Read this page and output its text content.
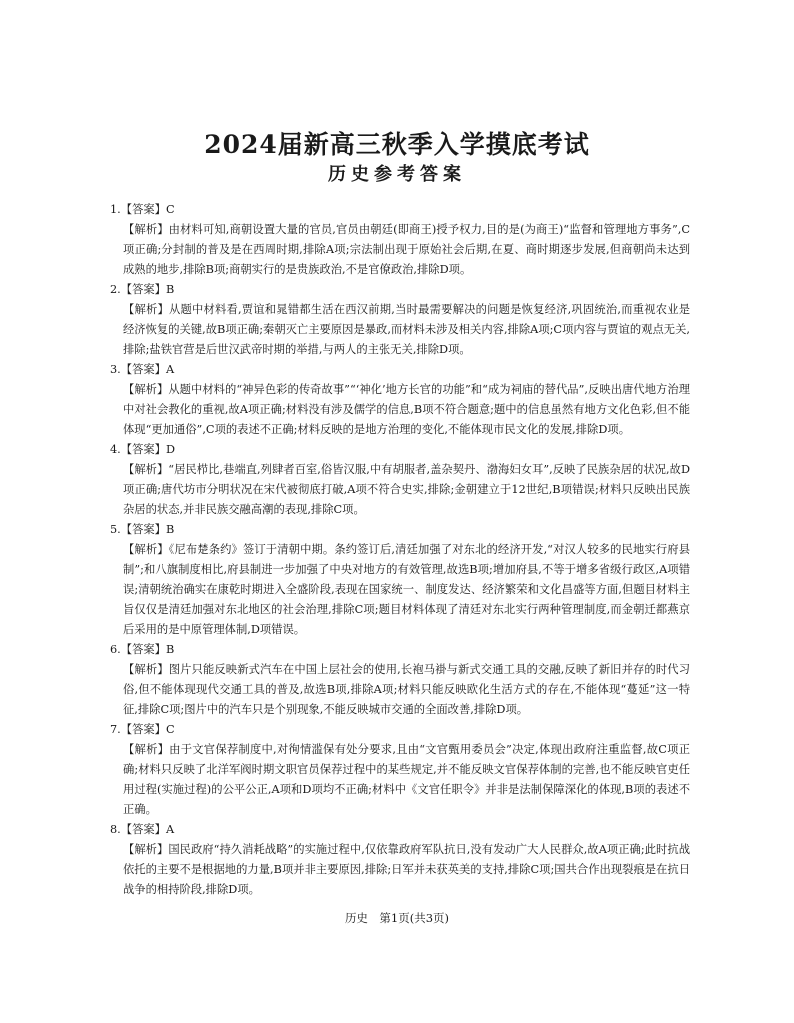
2024届新高三秋季入学摸底考试
历史参考答案
1.【答案】C
【解析】由材料可知,商朝设置大量的官员,官员由朝廷(即商王)授予权力,目的是(为商王)“监督和管理地方事务”,C项正确;分封制的普及是在西周时期,排除A项;宗法制出现于原始社会后期,在夏、商时期逐步发展,但商朝尚未达到成熟的地步,排除B项;商朝实行的是贵族政治,不是官僚政治,排除D项。
2.【答案】B
【解析】从题中材料看,贾谊和晁错都生活在西汉前期,当时最需要解决的问题是恢复经济,巩固统治,而重视农业是经济恢复的关键,故B项正确;秦朝灭亡主要原因是暴政,而材料未涉及相关内容,排除A项;C项内容与贾谊的观点无关,排除;盐铁官营是后世汉武帝时期的举措,与两人的主张无关,排除D项。
3.【答案】A
【解析】从题中材料的“神异色彩的传奇故事”“‘神化’地方长官的功能”和“成为祠庙的替代品”,反映出唐代地方治理中对社会教化的重视,故A项正确;材料没有涉及儒学的信息,B项不符合题意;题中的信息虽然有地方文化色彩,但不能体现“更加通俗”,C项的表述不正确;材料反映的是地方治理的变化,不能体现市民文化的发展,排除D项。
4.【答案】D
【解析】“居民栉比,巷端直,列肆者百室,俗皆汉服,中有胡服者,盖杂契丹、渤海妇女耳”,反映了民族杂居的状况,故D项正确;唐代坊市分明状况在宋代被彻底打破,A项不符合史实,排除;金朝建立于12世纪,B项错误;材料只反映出民族杂居的状态,并非民族交融高潮的表现,排除C项。
5.【答案】B
【解析】《尼布楚条约》签订于清朝中期。条约签订后,清廷加强了对东北的经济开发,“对汉人较多的民地实行府县制”;和八旗制度相比,府县制进一步加强了中央对地方的有效管理,故选B项;增加府县,不等于增多省级行政区,A项错误;清朝统治确实在康乾时期进入全盛阶段,表现在国家统一、制度发达、经济繁荣和文化昌盛等方面,但题目材料主旨仅仅是清廷加强对东北地区的社会治理,排除C项;题目材料体现了清廷对东北实行两种管理制度,而金朝迁都燕京后采用的是中原管理体制,D项错误。
6.【答案】B
【解析】图片只能反映新式汽车在中国上层社会的使用,长袍马褂与新式交通工具的交融,反映了新旧并存的时代习俗,但不能体现现代交通工具的普及,故选B项,排除A项;材料只能反映欧化生活方式的存在,不能体现“蔓延”这一特征,排除C项;图片中的汽车只是个别现象,不能反映城市交通的全面改善,排除D项。
7.【答案】C
【解析】由于文官保荐制度中,对徇情滥保有处分要求,且由“文官甄用委员会”决定,体现出政府注重监督,故C项正确;材料只反映了北洋军阀时期文职官员保荐过程中的某些规定,并不能反映文官保荐体制的完善,也不能反映官吏任用过程(实施过程)的公平公正,A项和D项均不正确;材料中《文官任职令》并非是法制保障深化的体现,B项的表述不正确。
8.【答案】A
【解析】国民政府“持久消耗战略”的实施过程中,仅依靠政府军队抗日,没有发动广大人民群众,故A项正确;此时抗战依托的主要不是根据地的力量,B项并非主要原因,排除;日军并未获英美的支持,排除C项;国共合作出现裂痕是在抗日战争的相持阶段,排除D项。
历史　第1页(共3页)
